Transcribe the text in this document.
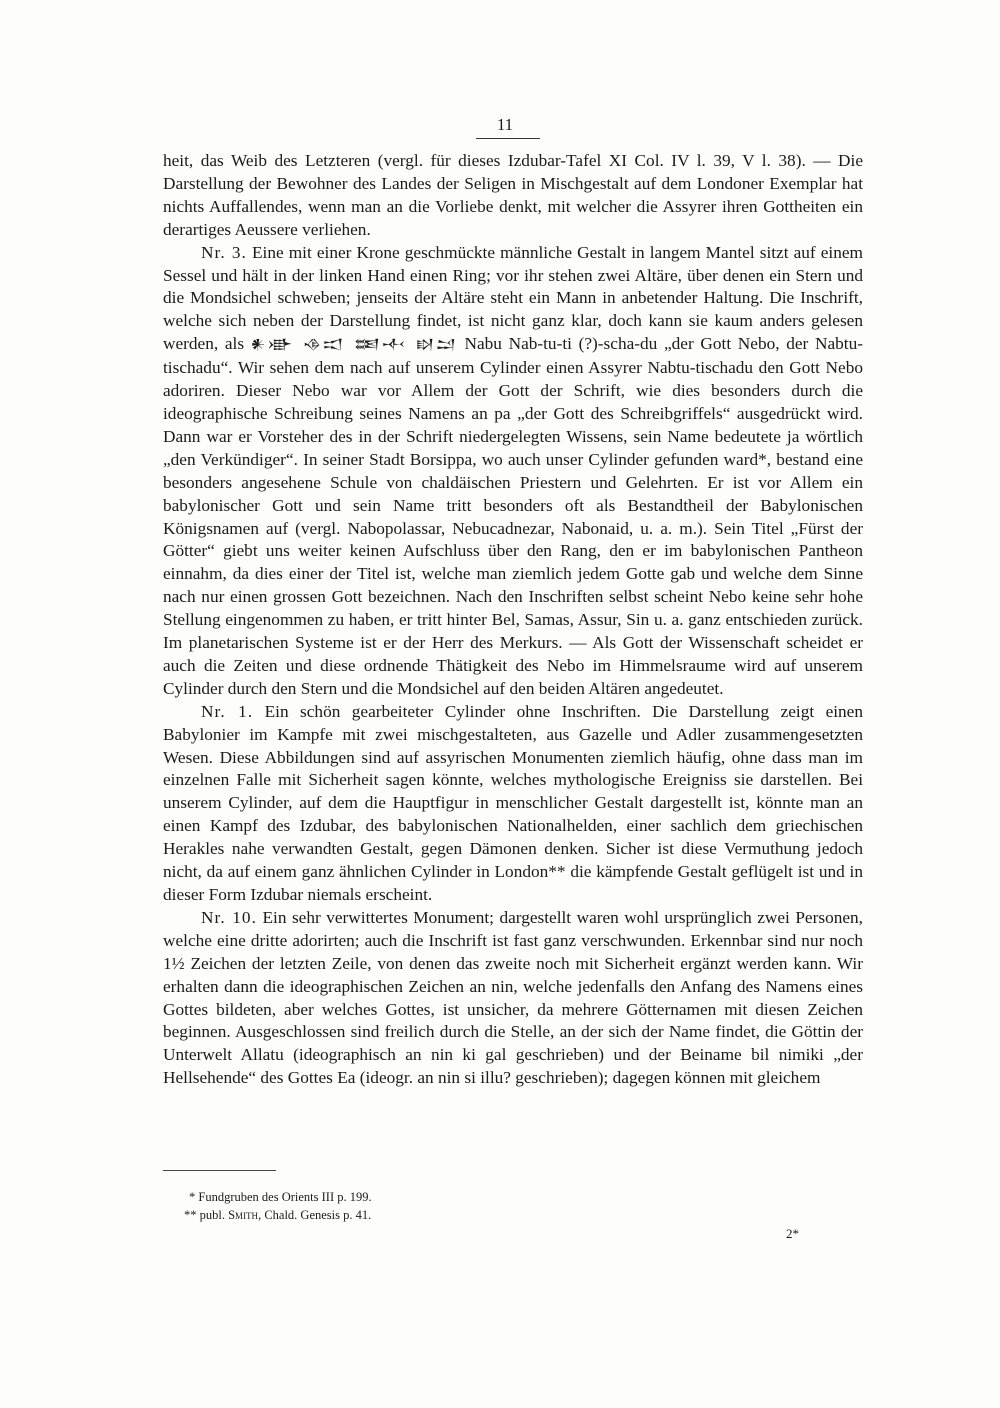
11

heit, das Weib des Letzteren (vergl. für dieses Izdubar-Tafel XI Col. IV l. 39, V l. 38). — Die Darstellung der Bewohner des Landes der Seligen in Mischgestalt auf dem Londoner Exemplar hat nichts Auffallendes, wenn man an die Vorliebe denkt, mit welcher die Assyrer ihren Gottheiten ein derartiges Aeussere verliehen.

Nr. 3. Eine mit einer Krone geschmückte männliche Gestalt in langem Mantel sitzt auf einem Sessel und hält in der linken Hand einen Ring; vor ihr stehen zwei Altäre, über denen ein Stern und die Mondsichel schweben; jenseits der Altäre steht ein Mann in anbetender Haltung. Die Inschrift, welche sich neben der Darstellung findet, ist nicht ganz klar, doch kann sie kaum anders gelesen werden, als 𒀭𒀝 𒈾𒀊 𒌅𒋾 𒊭𒁺 Nabu Nab-tu-ti (?)-scha-du „der Gott Nebo, der Nabtu-tischadu“. Wir sehen dem nach auf unserem Cylinder einen Assyrer Nabtu-tischadu den Gott Nebo adoriren. Dieser Nebo war vor Allem der Gott der Schrift, wie dies besonders durch die ideographische Schreibung seines Namens an pa „der Gott des Schreibgriffels“ ausgedrückt wird. Dann war er Vorsteher des in der Schrift niedergelegten Wissens, sein Name bedeutete ja wörtlich „den Verkündiger“. In seiner Stadt Borsippa, wo auch unser Cylinder gefunden ward*, bestand eine besonders angesehene Schule von chaldäischen Priestern und Gelehrten. Er ist vor Allem ein babylonischer Gott und sein Name tritt besonders oft als Bestandtheil der Babylonischen Königsnamen auf (vergl. Nabopolassar, Nebucadnezar, Nabonaid, u. a. m.). Sein Titel „Fürst der Götter“ giebt uns weiter keinen Aufschluss über den Rang, den er im babylonischen Pantheon einnahm, da dies einer der Titel ist, welche man ziemlich jedem Gotte gab und welche dem Sinne nach nur einen grossen Gott bezeichnen. Nach den Inschriften selbst scheint Nebo keine sehr hohe Stellung eingenommen zu haben, er tritt hinter Bel, Samas, Assur, Sin u. a. ganz entschieden zurück. Im planetarischen Systeme ist er der Herr des Merkurs. — Als Gott der Wissenschaft scheidet er auch die Zeiten und diese ordnende Thätigkeit des Nebo im Himmelsraume wird auf unserem Cylinder durch den Stern und die Mondsichel auf den beiden Altären angedeutet.

Nr. 1. Ein schön gearbeiteter Cylinder ohne Inschriften. Die Darstellung zeigt einen Babylonier im Kampfe mit zwei mischgestalteten, aus Gazelle und Adler zusammengesetzten Wesen. Diese Abbildungen sind auf assyrischen Monumenten ziemlich häufig, ohne dass man im einzelnen Falle mit Sicherheit sagen könnte, welches mythologische Ereigniss sie darstellen. Bei unserem Cylinder, auf dem die Hauptfigur in menschlicher Gestalt dargestellt ist, könnte man an einen Kampf des Izdubar, des babylonischen Nationalhelden, einer sachlich dem griechischen Herakles nahe verwandten Gestalt, gegen Dämonen denken. Sicher ist diese Vermuthung jedoch nicht, da auf einem ganz ähnlichen Cylinder in London** die kämpfende Gestalt geflügelt ist und in dieser Form Izdubar niemals erscheint.

Nr. 10. Ein sehr verwittertes Monument; dargestellt waren wohl ursprünglich zwei Personen, welche eine dritte adorirten; auch die Inschrift ist fast ganz verschwunden. Erkennbar sind nur noch 1½ Zeichen der letzten Zeile, von denen das zweite noch mit Sicherheit ergänzt werden kann. Wir erhalten dann die ideographischen Zeichen an nin, welche jedenfalls den Anfang des Namens eines Gottes bildeten, aber welches Gottes, ist unsicher, da mehrere Götternamen mit diesen Zeichen beginnen. Ausgeschlossen sind freilich durch die Stelle, an der sich der Name findet, die Göttin der Unterwelt Allatu (ideographisch an nin ki gal geschrieben) und der Beiname bil nimiki „der Hellsehende“ des Gottes Ea (ideogr. an nin si illu? geschrieben); dagegen können mit gleichem

* Fundgruben des Orients III p. 199.
** publ. Smith, Chald. Genesis p. 41.
2*
